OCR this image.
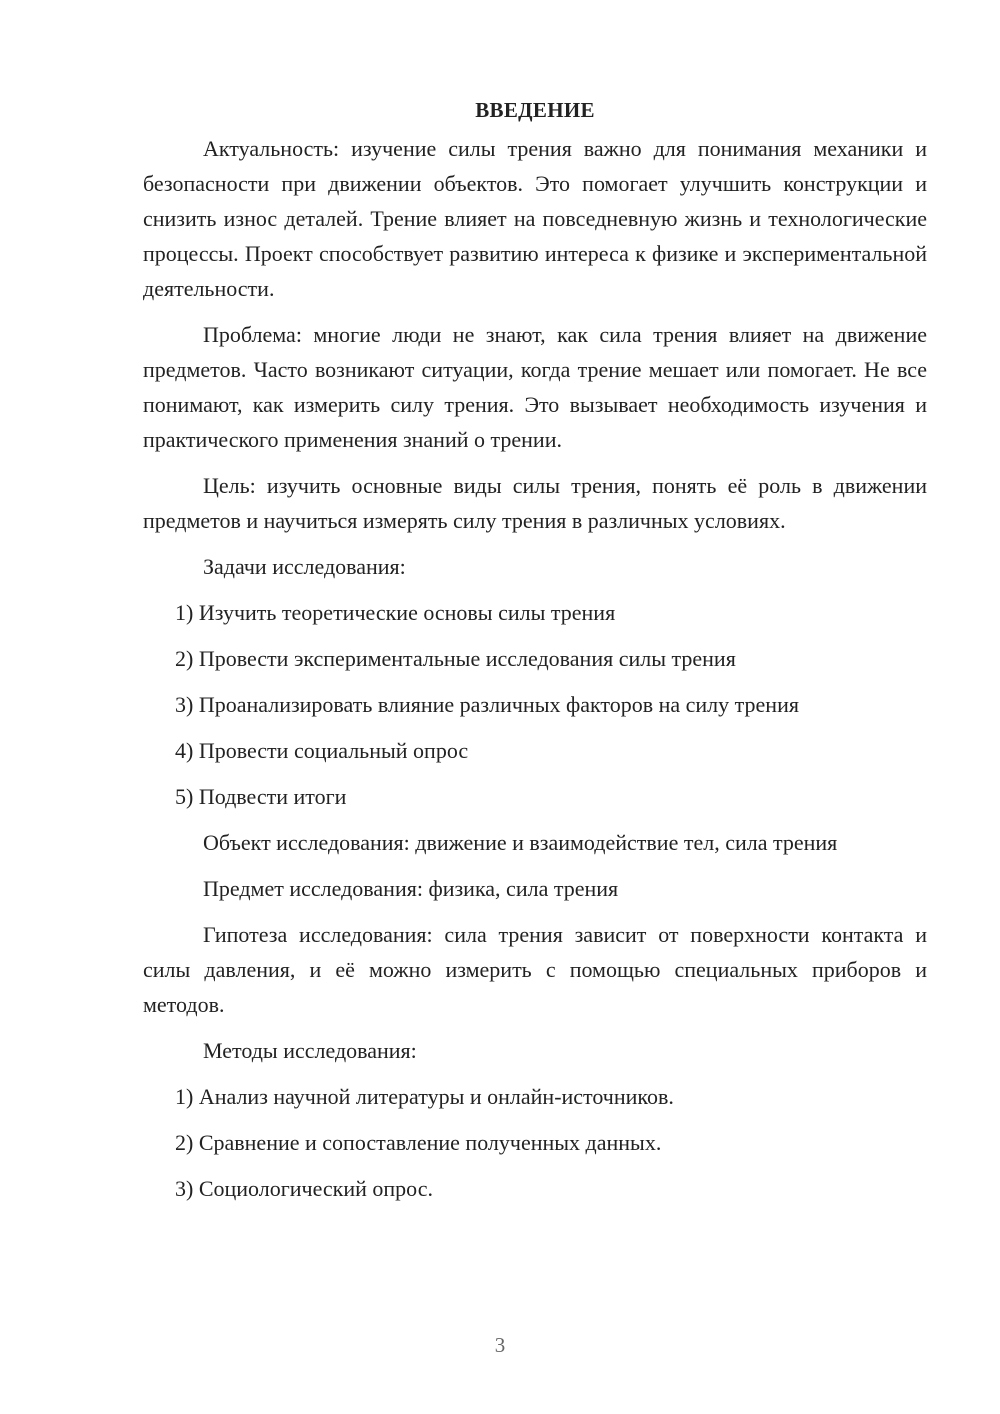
ВВЕДЕНИЕ

Актуальность: изучение силы трения важно для понимания механики и безопасности при движении объектов. Это помогает улучшить конструкции и снизить износ деталей. Трение влияет на повседневную жизнь и технологические процессы. Проект способствует развитию интереса к физике и экспериментальной деятельности.

Проблема: многие люди не знают, как сила трения влияет на движение предметов. Часто возникают ситуации, когда трение мешает или помогает. Не все понимают, как измерить силу трения. Это вызывает необходимость изучения и практического применения знаний о трении.

Цель: изучить основные виды силы трения, понять её роль в движении предметов и научиться измерять силу трения в различных условиях.

Задачи исследования:
1) Изучить теоретические основы силы трения
2) Провести экспериментальные исследования силы трения
3) Проанализировать влияние различных факторов на силу трения
4) Провести социальный опрос
5) Подвести итоги
Объект исследования: движение и взаимодействие тел, сила трения
Предмет исследования: физика, сила трения

Гипотеза исследования: сила трения зависит от поверхности контакта и силы давления, и её можно измерить с помощью специальных приборов и методов.

Методы исследования:
1) Анализ научной литературы и онлайн-источников.
2) Сравнение и сопоставление полученных данных.
3) Социологический опрос.
3
